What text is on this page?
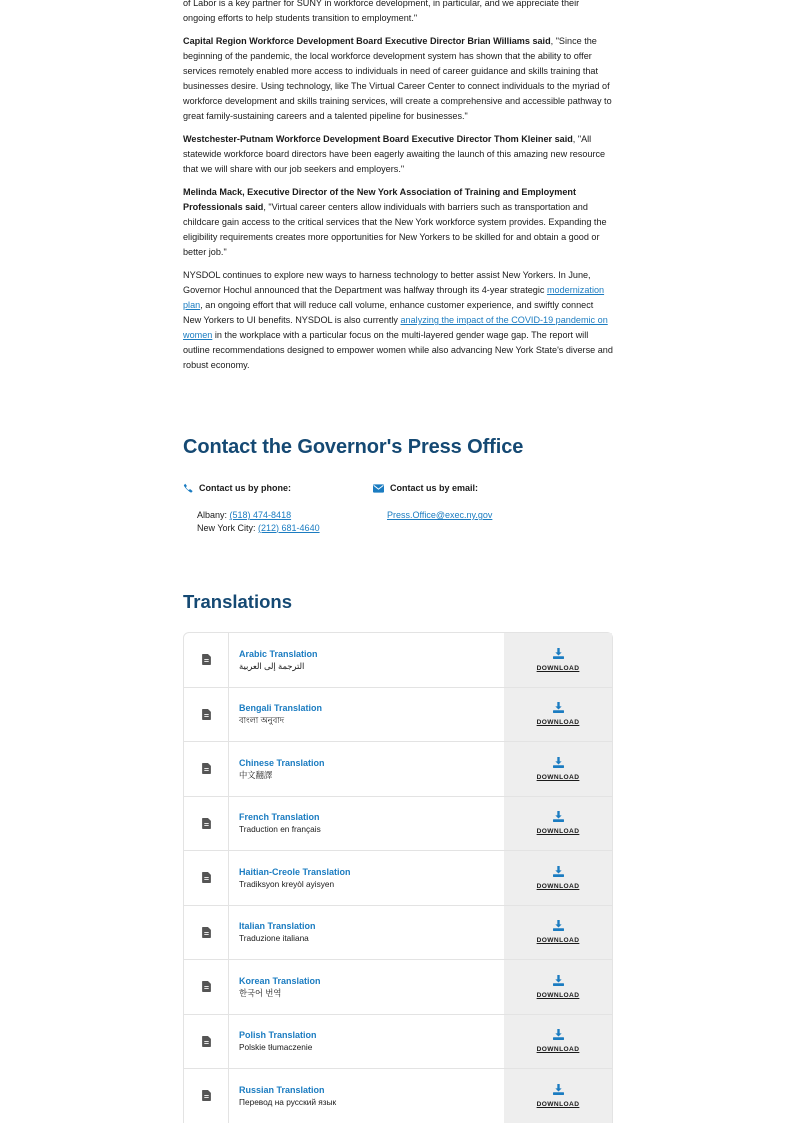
of Labor is a key partner for SUNY in workforce development, in particular, and we appreciate their ongoing efforts to help students transition to employment."

Capital Region Workforce Development Board Executive Director Brian Williams said, "Since the beginning of the pandemic, the local workforce development system has shown that the ability to offer services remotely enabled more access to individuals in need of career guidance and skills training that businesses desire. Using technology, like The Virtual Career Center to connect individuals to the myriad of workforce development and skills training services, will create a comprehensive and accessible pathway to great family-sustaining careers and a talented pipeline for businesses."

Westchester-Putnam Workforce Development Board Executive Director Thom Kleiner said, "All statewide workforce board directors have been eagerly awaiting the launch of this amazing new resource that we will share with our job seekers and employers."

Melinda Mack, Executive Director of the New York Association of Training and Employment Professionals said, "Virtual career centers allow individuals with barriers such as transportation and childcare gain access to the critical services that the New York workforce system provides. Expanding the eligibility requirements creates more opportunities for New Yorkers to be skilled for and obtain a good or better job."

NYSDOL continues to explore new ways to harness technology to better assist New Yorkers. In June, Governor Hochul announced that the Department was halfway through its 4-year strategic modernization plan, an ongoing effort that will reduce call volume, enhance customer experience, and swiftly connect New Yorkers to UI benefits. NYSDOL is also currently analyzing the impact of the COVID-19 pandemic on women in the workplace with a particular focus on the multi-layered gender wage gap. The report will outline recommendations designed to empower women while also advancing New York State's diverse and robust economy.

Contact the Governor's Press Office
Contact us by phone:
Albany: (518) 474-8418
New York City: (212) 681-4640
Contact us by email:
Press.Office@exec.ny.gov
Translations
Arabic Translation
الترجمة إلى العربية	DOWNLOAD
Bengali Translation
বাংলা অনুবাদ	DOWNLOAD
Chinese Translation
中文翻譯	DOWNLOAD
French Translation
Traduction en français	DOWNLOAD
Haitian-Creole Translation
Tradiksyon kreyòl ayisyen	DOWNLOAD
Italian Translation
Traduzione italiana	DOWNLOAD
Korean Translation
한국어 번역	DOWNLOAD
Polish Translation
Polskie tłumaczenie	DOWNLOAD
Russian Translation
Перевод на русский язык	DOWNLOAD
